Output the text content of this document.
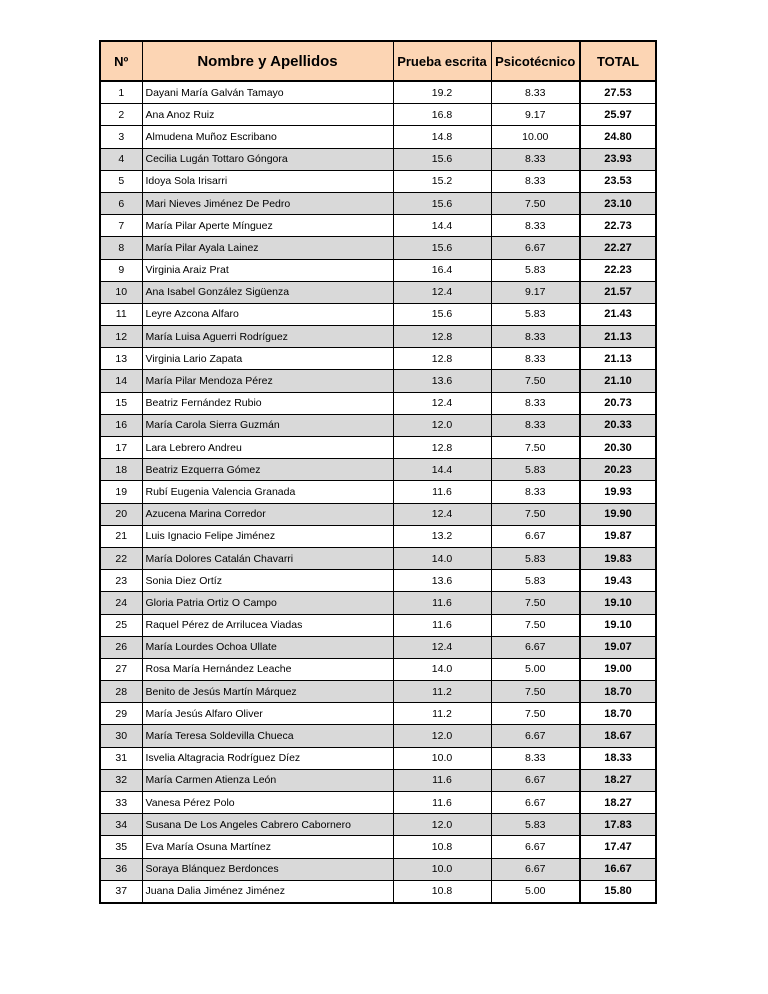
Nº	Nombre y Apellidos	Prueba escrita	Psicotécnico	TOTAL
1	Dayani María Galván Tamayo	19.2	8.33	27.53
2	Ana Anoz Ruiz	16.8	9.17	25.97
3	Almudena Muñoz Escribano	14.8	10.00	24.80
4	Cecilia Lugán Tottaro Góngora	15.6	8.33	23.93
5	Idoya Sola Irisarri	15.2	8.33	23.53
6	Mari Nieves Jiménez De Pedro	15.6	7.50	23.10
7	María Pilar Aperte Mínguez	14.4	8.33	22.73
8	María Pilar Ayala Lainez	15.6	6.67	22.27
9	Virginia Araiz Prat	16.4	5.83	22.23
10	Ana Isabel González Sigüenza	12.4	9.17	21.57
11	Leyre Azcona Alfaro	15.6	5.83	21.43
12	María Luisa Aguerri Rodríguez	12.8	8.33	21.13
13	Virginia Lario Zapata	12.8	8.33	21.13
14	María Pilar Mendoza Pérez	13.6	7.50	21.10
15	Beatriz Fernández Rubio	12.4	8.33	20.73
16	María Carola Sierra Guzmán	12.0	8.33	20.33
17	Lara Lebrero Andreu	12.8	7.50	20.30
18	Beatriz Ezquerra Gómez	14.4	5.83	20.23
19	Rubí Eugenia Valencia Granada	11.6	8.33	19.93
20	Azucena Marina Corredor	12.4	7.50	19.90
21	Luis Ignacio Felipe Jiménez	13.2	6.67	19.87
22	María Dolores Catalán Chavarri	14.0	5.83	19.83
23	Sonia Diez Ortíz	13.6	5.83	19.43
24	Gloria Patria Ortiz O Campo	11.6	7.50	19.10
25	Raquel Pérez de Arrilucea Viadas	11.6	7.50	19.10
26	María Lourdes Ochoa Ullate	12.4	6.67	19.07
27	Rosa María Hernández Leache	14.0	5.00	19.00
28	Benito de Jesús Martín Márquez	11.2	7.50	18.70
29	María Jesús Alfaro Oliver	11.2	7.50	18.70
30	María Teresa Soldevilla Chueca	12.0	6.67	18.67
31	Isvelia Altagracia Rodríguez Díez	10.0	8.33	18.33
32	María Carmen Atienza León	11.6	6.67	18.27
33	Vanesa Pérez Polo	11.6	6.67	18.27
34	Susana De Los Angeles Cabrero Cabornero	12.0	5.83	17.83
35	Eva María Osuna Martínez	10.8	6.67	17.47
36	Soraya Blánquez Berdonces	10.0	6.67	16.67
37	Juana Dalia Jiménez Jiménez	10.8	5.00	15.80
